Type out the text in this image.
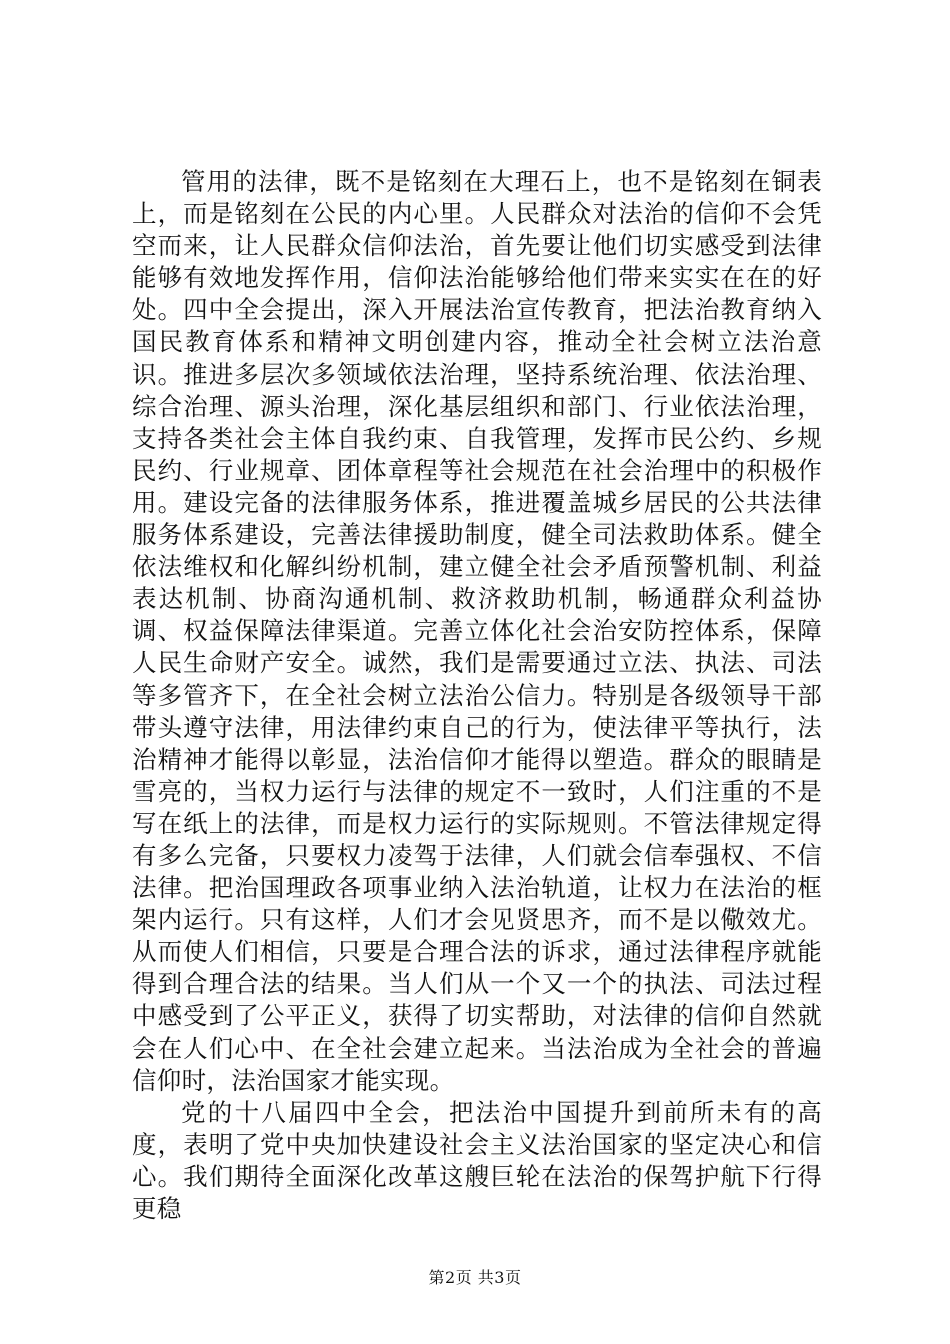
管用的法律，既不是铭刻在大理石上，也不是铭刻在铜表上，而是铭刻在公民的内心里。人民群众对法治的信仰不会凭空而来，让人民群众信仰法治，首先要让他们切实感受到法律能够有效地发挥作用，信仰法治能够给他们带来实实在在的好处。四中全会提出，深入开展法治宣传教育，把法治教育纳入国民教育体系和精神文明创建内容，推动全社会树立法治意识。推进多层次多领域依法治理，坚持系统治理、依法治理、综合治理、源头治理，深化基层组织和部门、行业依法治理，支持各类社会主体自我约束、自我管理，发挥市民公约、乡规民约、行业规章、团体章程等社会规范在社会治理中的积极作用。建设完备的法律服务体系，推进覆盖城乡居民的公共法律服务体系建设，完善法律援助制度，健全司法救助体系。健全依法维权和化解纠纷机制，建立健全社会矛盾预警机制、利益表达机制、协商沟通机制、救济救助机制，畅通群众利益协调、权益保障法律渠道。完善立体化社会治安防控体系，保障人民生命财产安全。诚然，我们是需要通过立法、执法、司法等多管齐下，在全社会树立法治公信力。特别是各级领导干部带头遵守法律，用法律约束自己的行为，使法律平等执行，法治精神才能得以彰显，法治信仰才能得以塑造。群众的眼睛是雪亮的，当权力运行与法律的规定不一致时，人们注重的不是写在纸上的法律，而是权力运行的实际规则。不管法律规定得有多么完备，只要权力凌驾于法律，人们就会信奉强权、不信法律。把治国理政各项事业纳入法治轨道，让权力在法治的框架内运行。只有这样，人们才会见贤思齐，而不是以儆效尤。从而使人们相信，只要是合理合法的诉求，通过法律程序就能得到合理合法的结果。当人们从一个又一个的执法、司法过程中感受到了公平正义，获得了切实帮助，对法律的信仰自然就会在人们心中、在全社会建立起来。当法治成为全社会的普遍信仰时，法治国家才能实现。

党的十八届四中全会，把法治中国提升到前所未有的高度，表明了党中央加快建设社会主义法治国家的坚定决心和信心。我们期待全面深化改革这艘巨轮在法治的保驾护航下行得更稳

第2页 共3页
